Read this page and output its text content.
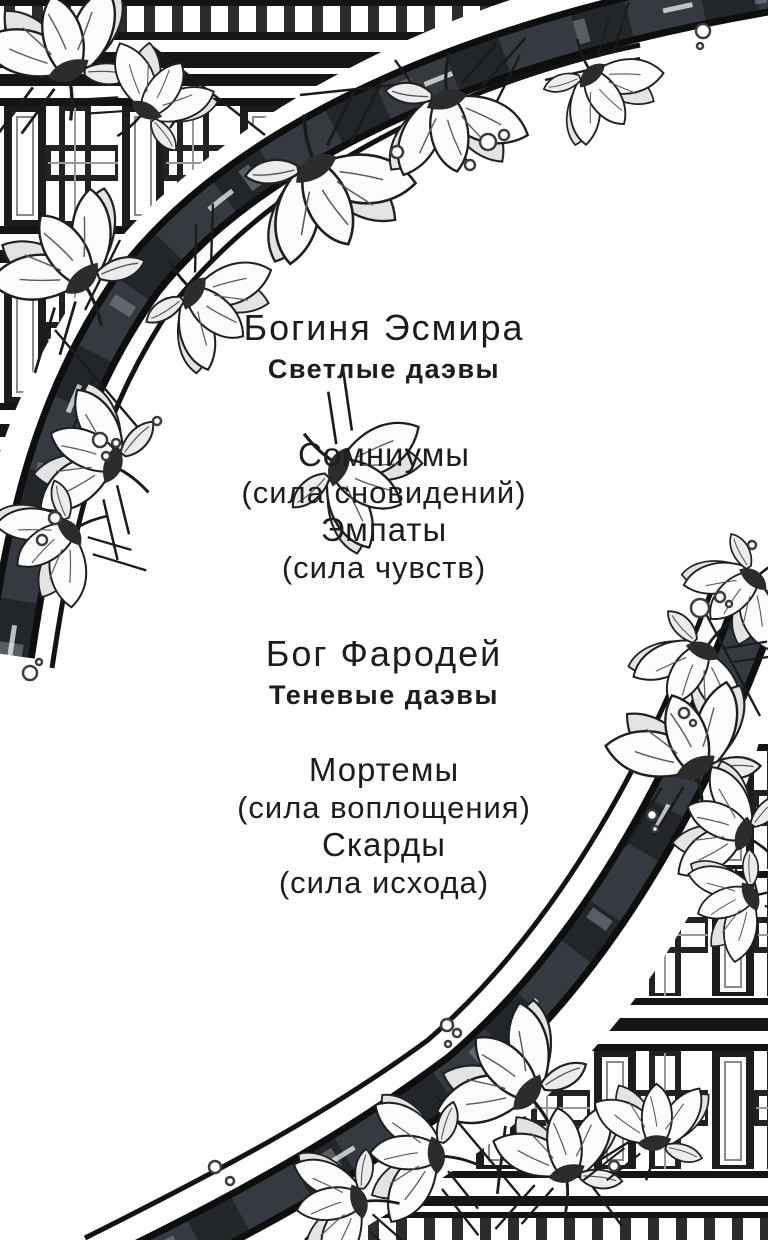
Богиня Эсмира
Светлые даэвы
Сомниумы
(сила сновидений)
Эмпаты
(сила чувств)
Бог Фародей
Теневые даэвы
Мортемы
(сила воплощения)
Скарды
(сила исхода)
